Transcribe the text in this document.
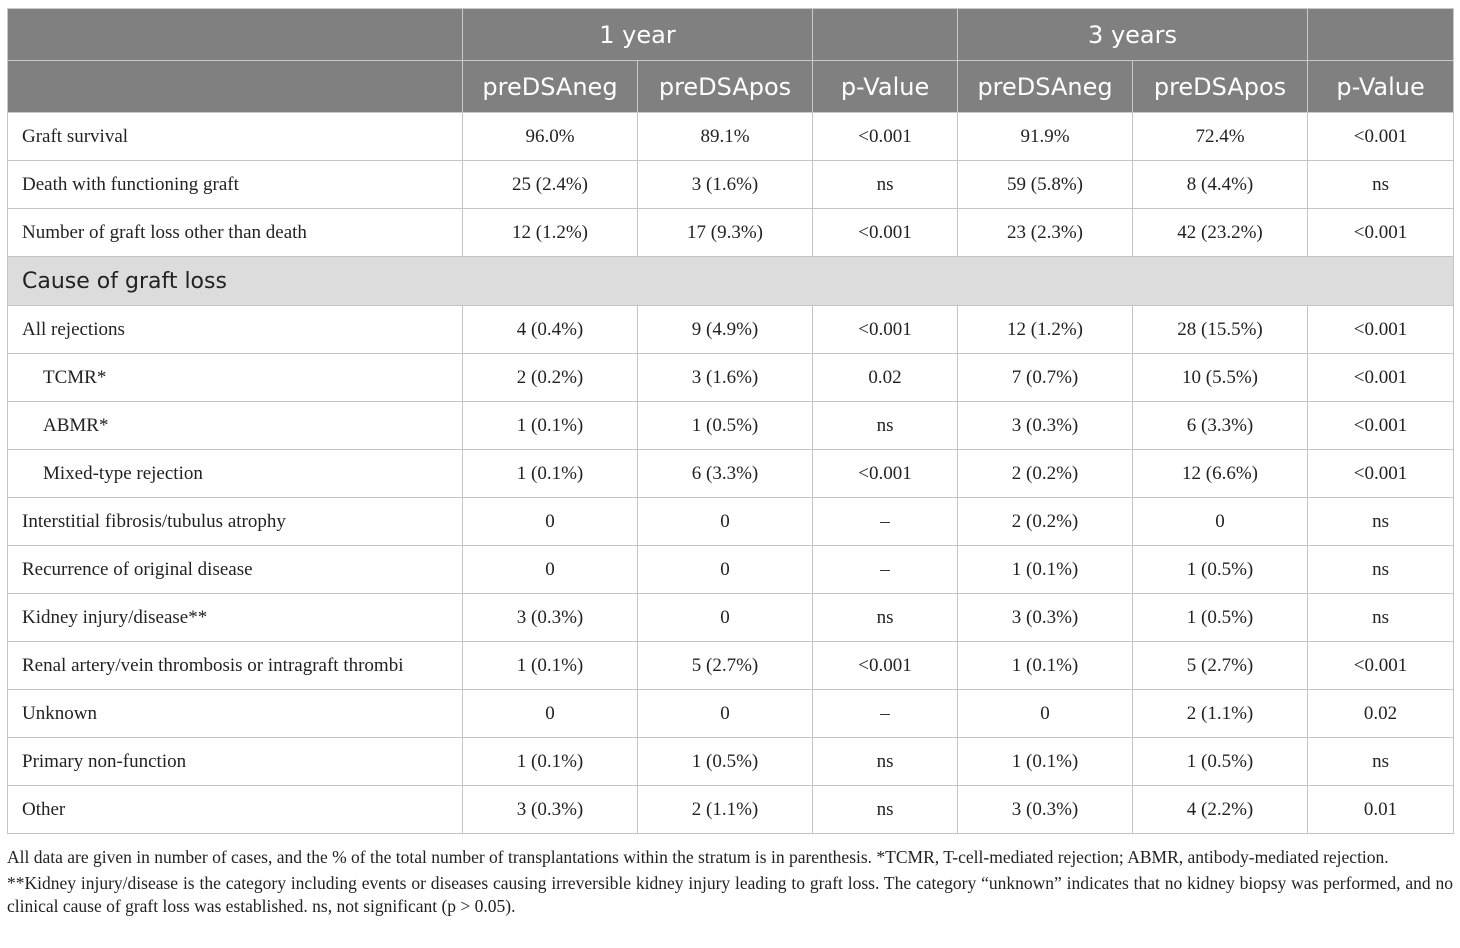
	1 year			3 years		
	preDSAneg	preDSApos	p-Value	preDSAneg	preDSApos	p-Value
Graft survival	96.0%	89.1%	<0.001	91.9%	72.4%	<0.001
Death with functioning graft	25 (2.4%)	3 (1.6%)	ns	59 (5.8%)	8 (4.4%)	ns
Number of graft loss other than death	12 (1.2%)	17 (9.3%)	<0.001	23 (2.3%)	42 (23.2%)	<0.001
Cause of graft loss						
All rejections	4 (0.4%)	9 (4.9%)	<0.001	12 (1.2%)	28 (15.5%)	<0.001
TCMR*	2 (0.2%)	3 (1.6%)	0.02	7 (0.7%)	10 (5.5%)	<0.001
ABMR*	1 (0.1%)	1 (0.5%)	ns	3 (0.3%)	6 (3.3%)	<0.001
Mixed-type rejection	1 (0.1%)	6 (3.3%)	<0.001	2 (0.2%)	12 (6.6%)	<0.001
Interstitial fibrosis/tubulus atrophy	0	0	–	2 (0.2%)	0	ns
Recurrence of original disease	0	0	–	1 (0.1%)	1 (0.5%)	ns
Kidney injury/disease**	3 (0.3%)	0	ns	3 (0.3%)	1 (0.5%)	ns
Renal artery/vein thrombosis or intragraft thrombi	1 (0.1%)	5 (2.7%)	<0.001	1 (0.1%)	5 (2.7%)	<0.001
Unknown	0	0	–	0	2 (1.1%)	0.02
Primary non-function	1 (0.1%)	1 (0.5%)	ns	1 (0.1%)	1 (0.5%)	ns
Other	3 (0.3%)	2 (1.1%)	ns	3 (0.3%)	4 (2.2%)	0.01

All data are given in number of cases, and the % of the total number of transplantations within the stratum is in parenthesis. *TCMR, T-cell-mediated rejection; ABMR, antibody-mediated rejection.

**Kidney injury/disease is the category including events or diseases causing irreversible kidney injury leading to graft loss. The category “unknown” indicates that no kidney biopsy was performed, and no clinical cause of graft loss was established. ns, not significant (p > 0.05).
